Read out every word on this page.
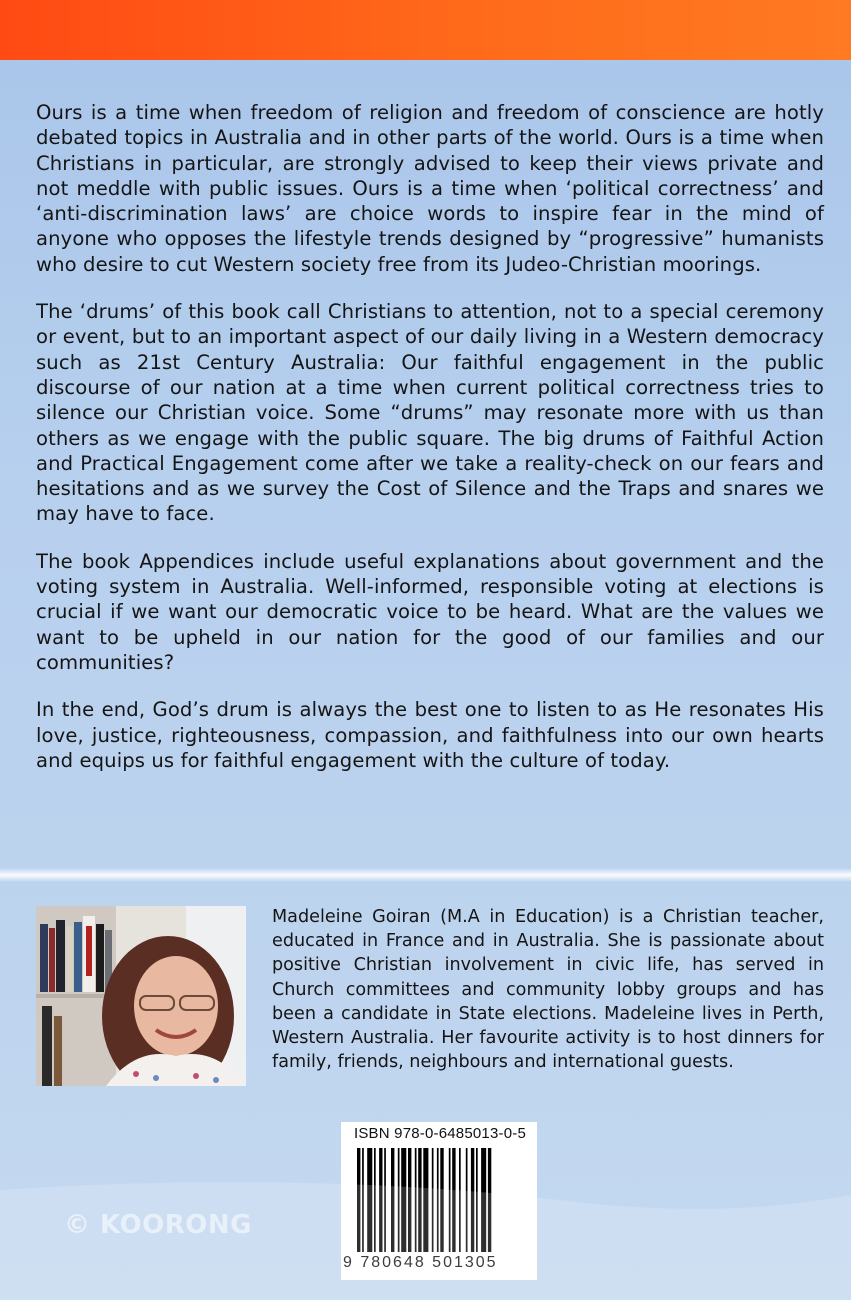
Ours is a time when freedom of religion and freedom of conscience are hotly debated topics in Australia and in other parts of the world. Ours is a time when Christians in particular, are strongly advised to keep their views private and not meddle with public issues. Ours is a time when ‘political correctness’ and ‘anti-discrimination laws’ are choice words to inspire fear in the mind of anyone who opposes the lifestyle trends designed by “progressive” humanists who desire to cut Western society free from its Judeo-Christian moorings.

The ‘drums’ of this book call Christians to attention, not to a special ceremony or event, but to an important aspect of our daily living in a Western democracy such as 21st Century Australia: Our faithful engagement in the public discourse of our nation at a time when current political correctness tries to silence our Christian voice. Some “drums” may resonate more with us than others as we engage with the public square. The big drums of Faithful Action and Practical Engagement come after we take a reality-check on our fears and hesitations and as we survey the Cost of Silence and the Traps and snares we may have to face.

The book Appendices include useful explanations about government and the voting system in Australia. Well-informed, responsible voting at elections is crucial if we want our democratic voice to be heard. What are the values we want to be upheld in our nation for the good of our families and our communities?

In the end, God’s drum is always the best one to listen to as He resonates His love, justice, righteousness, compassion, and faithfulness into our own hearts and equips us for faithful engagement with the culture of today.

Madeleine Goiran (M.A in Education) is a Christian teacher, educated in France and in Australia. She is passionate about positive Christian involvement in civic life, has served in Church committees and community lobby groups and has been a candidate in State elections. Madeleine lives in Perth, Western Australia. Her favourite activity is to host dinners for family, friends, neighbours and international guests.

ISBN 978-0-6485013-0-5
© KOORONG
